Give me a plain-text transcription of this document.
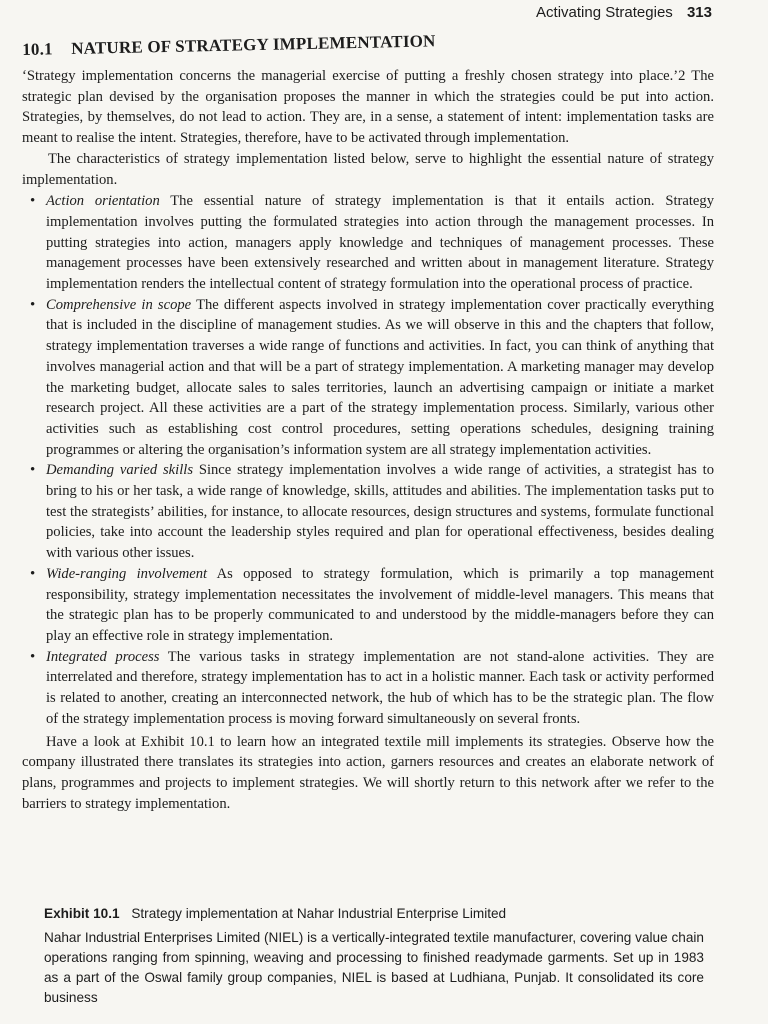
Activating Strategies 313
10.1 NATURE OF STRATEGY IMPLEMENTATION

‘Strategy implementation concerns the managerial exercise of putting a freshly chosen strategy into place.’2 The strategic plan devised by the organisation proposes the manner in which the strategies could be put into action. Strategies, by themselves, do not lead to action. They are, in a sense, a statement of intent: implementation tasks are meant to realise the intent. Strategies, therefore, have to be activated through implementation.

The characteristics of strategy implementation listed below, serve to highlight the essential nature of strategy implementation.

• Action orientation The essential nature of strategy implementation is that it entails action. Strategy implementation involves putting the formulated strategies into action through the management processes. In putting strategies into action, managers apply knowledge and techniques of management processes. These management processes have been extensively researched and written about in management literature. Strategy implementation renders the intellectual content of strategy formulation into the operational process of practice.
• Comprehensive in scope The different aspects involved in strategy implementation cover practically everything that is included in the discipline of management studies. As we will observe in this and the chapters that follow, strategy implementation traverses a wide range of functions and activities. In fact, you can think of anything that involves managerial action and that will be a part of strategy implementation. A marketing manager may develop the marketing budget, allocate sales to sales territories, launch an advertising campaign or initiate a market research project. All these activities are a part of the strategy implementation process. Similarly, various other activities such as establishing cost control procedures, setting operations schedules, designing training programmes or altering the organisation’s information system are all strategy implementation activities.
• Demanding varied skills Since strategy implementation involves a wide range of activities, a strategist has to bring to his or her task, a wide range of knowledge, skills, attitudes and abilities. The implementation tasks put to test the strategists’ abilities, for instance, to allocate resources, design structures and systems, formulate functional policies, take into account the leadership styles required and plan for operational effectiveness, besides dealing with various other issues.
• Wide-ranging involvement As opposed to strategy formulation, which is primarily a top management responsibility, strategy implementation necessitates the involvement of middle-level managers. This means that the strategic plan has to be properly communicated to and understood by the middle-managers before they can play an effective role in strategy implementation.
• Integrated process The various tasks in strategy implementation are not stand-alone activities. They are interrelated and therefore, strategy implementation has to act in a holistic manner. Each task or activity performed is related to another, creating an interconnected network, the hub of which has to be the strategic plan. The flow of the strategy implementation process is moving forward simultaneously on several fronts.

Have a look at Exhibit 10.1 to learn how an integrated textile mill implements its strategies. Observe how the company illustrated there translates its strategies into action, garners resources and creates an elaborate network of plans, programmes and projects to implement strategies. We will shortly return to this network after we refer to the barriers to strategy implementation.

Exhibit 10.1 Strategy implementation at Nahar Industrial Enterprise Limited

Nahar Industrial Enterprises Limited (NIEL) is a vertically-integrated textile manufacturer, covering value chain operations ranging from spinning, weaving and processing to finished readymade garments. Set up in 1983 as a part of the Oswal family group companies, NIEL is based at Ludhiana, Punjab. It consolidated its core business
